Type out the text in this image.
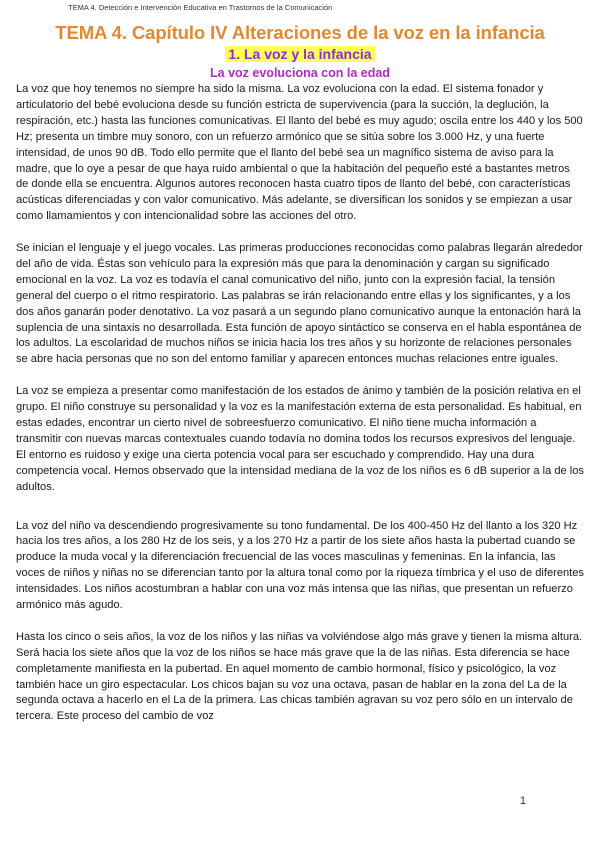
TEMA 4. Detección e Intervención Educativa en Trastornos de la Comunicación
TEMA 4. Capítulo IV Alteraciones de la voz en la infancia
1. La voz y la infancia
La voz evoluciona con la edad

La voz que hoy tenemos no siempre ha sido la misma. La voz evoluciona con la edad. El sistema fonador y articulatorio del bebé evoluciona desde su función estricta de supervivencia (para la succión, la deglución, la respiración, etc.) hasta las funciones comunicativas. El llanto del bebé es muy agudo; oscila entre los 440 y los 500 Hz; presenta un timbre muy sonoro, con un refuerzo armónico que se sitúa sobre los 3.000 Hz, y una fuerte intensidad, de unos 90 dB. Todo ello permite que el llanto del bebé sea un magnífico sistema de aviso para la madre, que lo oye a pesar de que haya ruido ambiental o que la habitación del pequeño esté a bastantes metros de donde ella se encuentra. Algunos autores reconocen hasta cuatro tipos de llanto del bebé, con características acústicas diferenciadas y con valor comunicativo. Más adelante, se diversifican los sonidos y se empiezan a usar como llamamientos y con intencionalidad sobre las acciones del otro.

Se inician el lenguaje y el juego vocales. Las primeras producciones reconocidas como palabras llegarán alrededor del año de vida. Éstas son vehículo para la expresión más que para la denominación y cargan su significado emocional en la voz. La voz es todavía el canal comunicativo del niño, junto con la expresión facial, la tensión general del cuerpo o el ritmo respiratorio. Las palabras se irán relacionando entre ellas y los significantes, y a los dos años ganarán poder denotativo. La voz pasará a un segundo plano comunicativo aunque la entonación hará la suplencia de una sintaxis no desarrollada. Esta función de apoyo sintáctico se conserva en el habla espontánea de los adultos. La escolaridad de muchos niños se inicia hacia los tres años y su horizonte de relaciones personales se abre hacia personas que no son del entorno familiar y aparecen entonces muchas relaciones entre iguales.

La voz se empieza a presentar como manifestación de los estados de ánimo y también de la posición relativa en el grupo. El niño construye su personalidad y la voz es la manifestación externa de esta personalidad. Es habitual, en estas edades, encontrar un cierto nivel de sobreesfuerzo comunicativo. El niño tiene mucha información a transmitir con nuevas marcas contextuales cuando todavía no domina todos los recursos expresivos del lenguaje. El entorno es ruidoso y exige una cierta potencia vocal para ser escuchado y comprendido. Hay una dura competencia vocal. Hemos observado que la intensidad mediana de la voz de los niños es 6 dB superior a la de los adultos.

La voz del niño va descendiendo progresivamente su tono fundamental. De los 400-450 Hz del llanto a los 320 Hz hacia los tres años, a los 280 Hz de los seis, y a los 270 Hz a partir de los siete años hasta la pubertad cuando se produce la muda vocal y la diferenciación frecuencial de las voces masculinas y femeninas. En la infancia, las voces de niños y niñas no se diferencian tanto por la altura tonal como por la riqueza tímbrica y el uso de diferentes intensidades. Los niños acostumbran a hablar con una voz más intensa que las niñas, que presentan un refuerzo armónico más agudo.

Hasta los cinco o seis años, la voz de los niños y las niñas va volviéndose algo más grave y tienen la misma altura. Será hacia los siete años que la voz de los niños se hace más grave que la de las niñas. Esta diferencia se hace completamente manifiesta en la pubertad. En aquel momento de cambio hormonal, físico y psicológico, la voz también hace un giro espectacular. Los chicos bajan su voz una octava, pasan de hablar en la zona del La de la segunda octava a hacerlo en el La de la primera. Las chicas también agravan su voz pero sólo en un intervalo de tercera. Este proceso del cambio de voz

1
